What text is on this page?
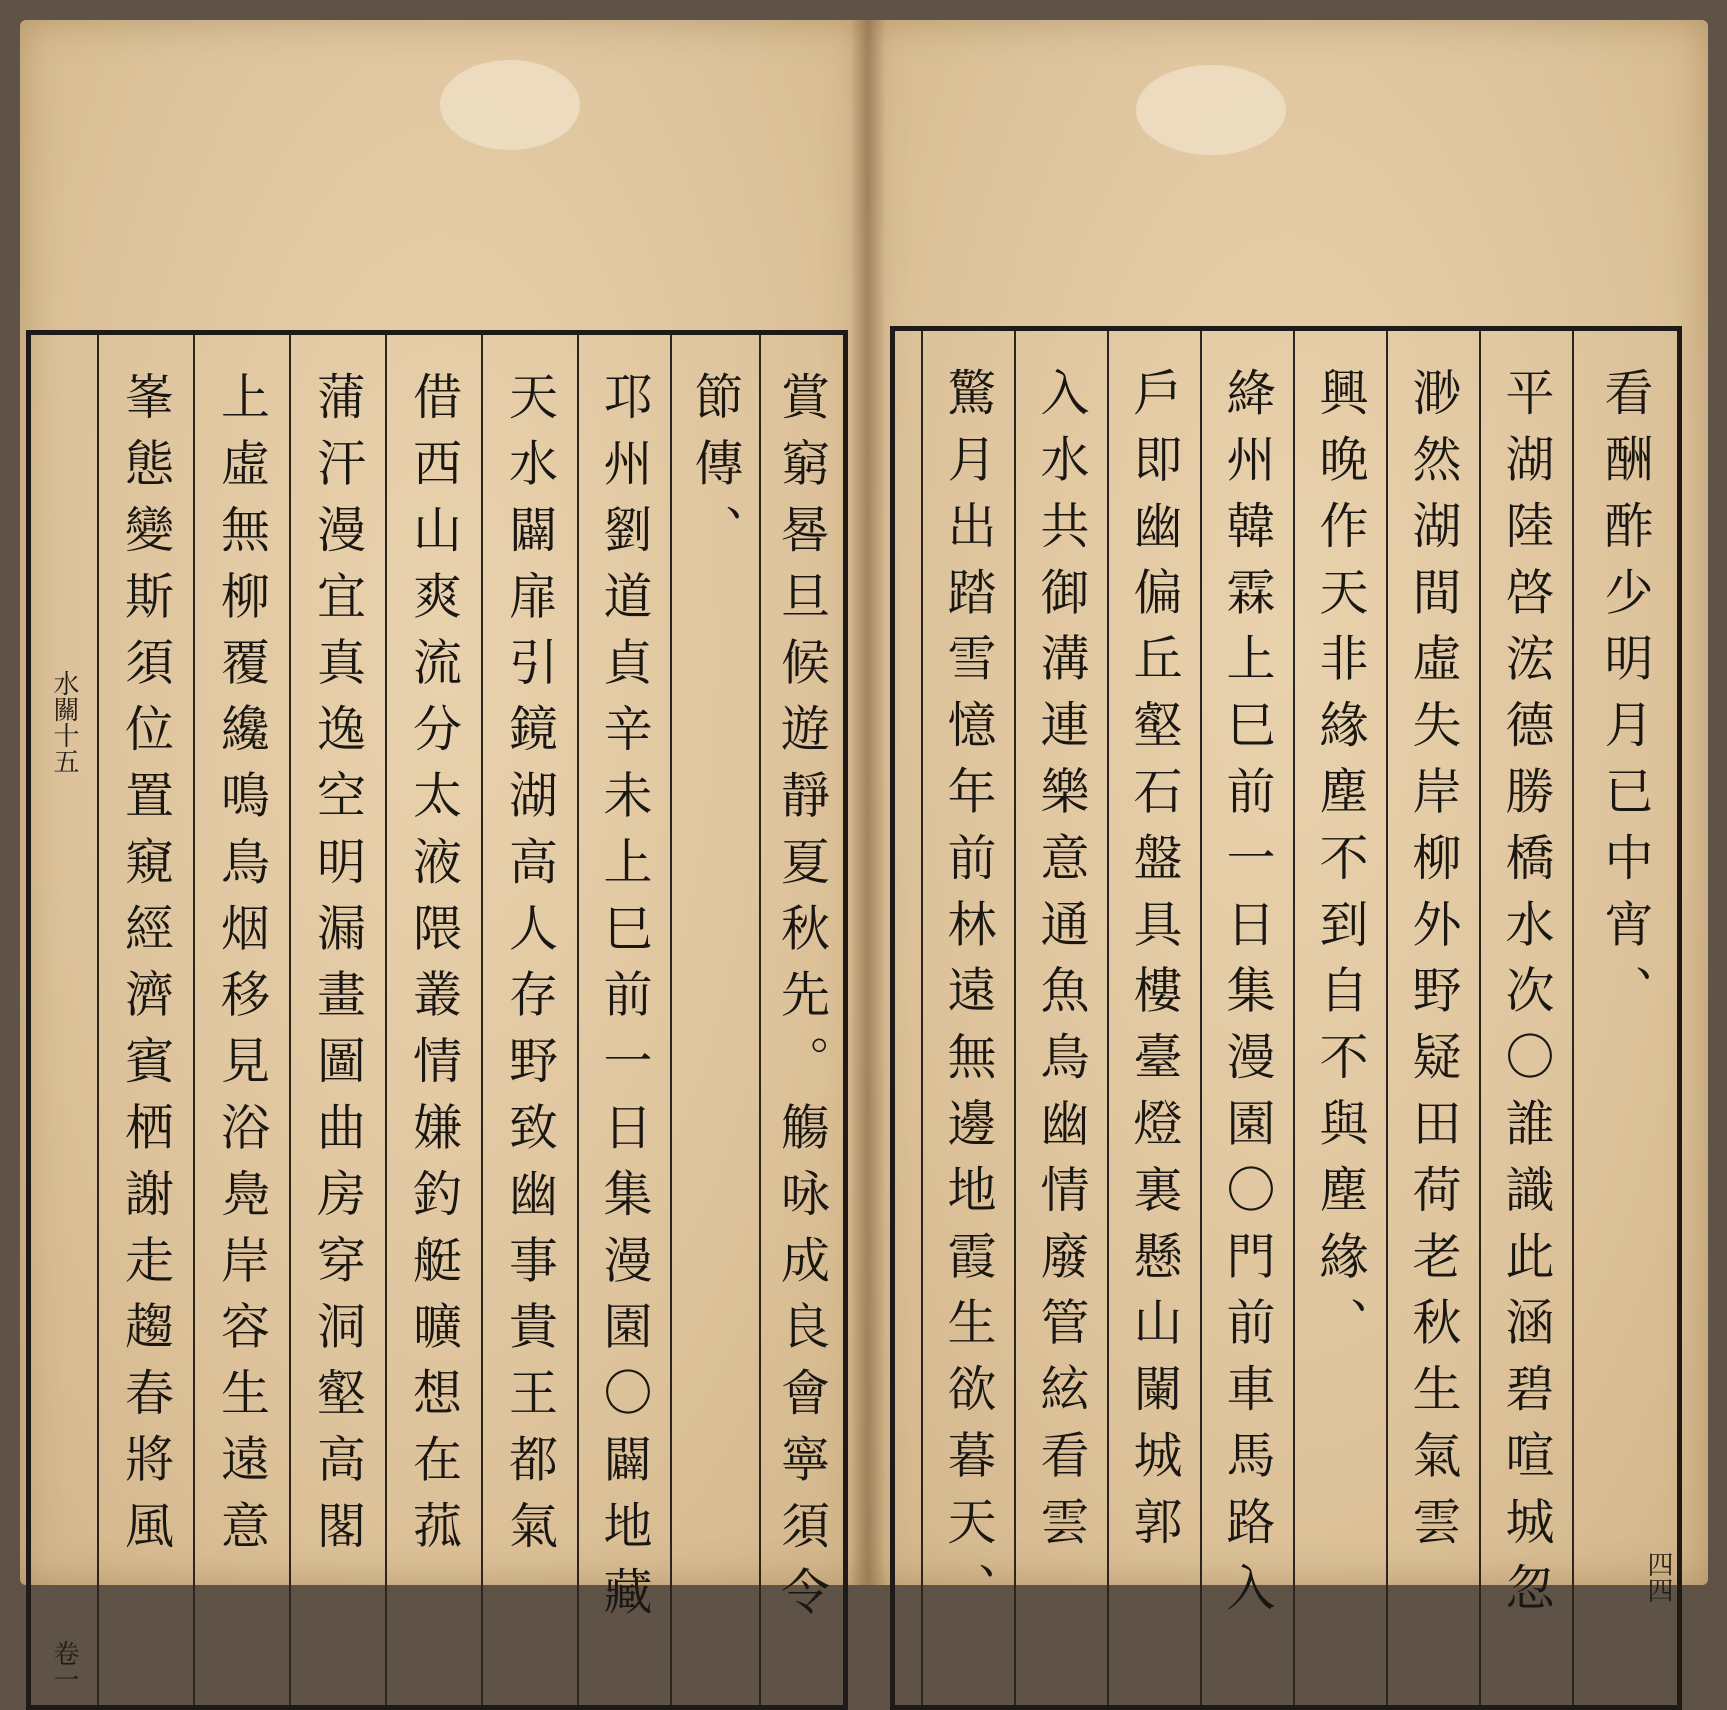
賞窮晷旦候遊靜夏秋先。觴咏成良會寧須令
節傳、
邛州劉道貞辛未上巳前一日集漫園〇闢地藏
天水闢扉引鏡湖高人存野致幽事貴王都氣
借西山爽流分太液隈叢情嫌釣艇曠想在菰
蒲汗漫宜真逸空明漏畫圖曲房穿洞壑高閣
上虛無柳覆纔鳴鳥烟移見浴鳧岸容生遠意
峯態變斯須位置窺經濟賓栖謝走趨春將風
水關十五
卷一
看酬酢少明月已中宵、
平湖陸啓浤德勝橋水次〇誰識此涵碧喧城忽
渺然湖間虛失岸柳外野疑田荷老秋生氣雲
興晚作天非緣塵不到自不與塵緣、
絳州韓霖上巳前一日集漫園〇門前車馬路入
戶即幽偏丘壑石盤具樓臺燈裏懸山闌城郭
入水共御溝連樂意通魚鳥幽情廢管絃看雲
驚月出踏雪憶年前林遠無邊地霞生欲暮天、	四四
